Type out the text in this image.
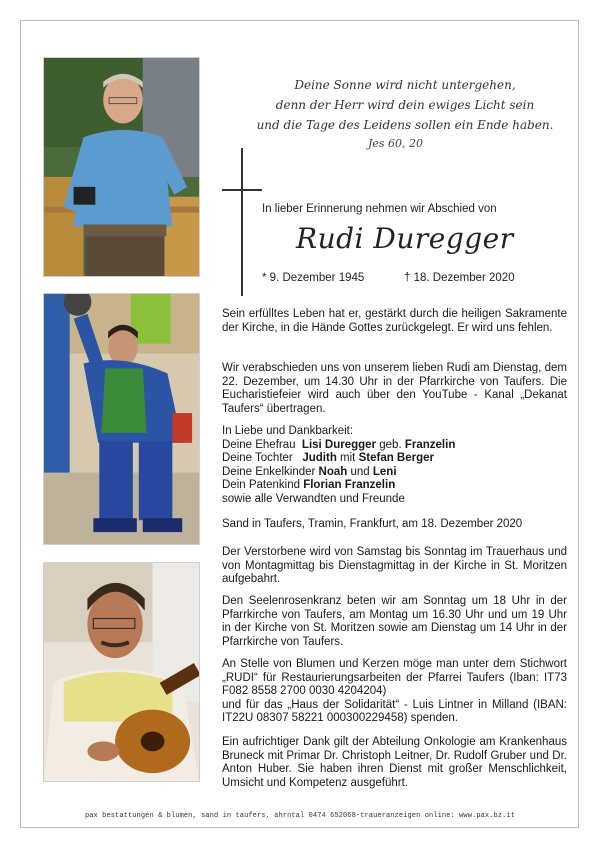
Deine Sonne wird nicht untergehen,
denn der Herr wird dein ewiges Licht sein
und die Tage des Leidens sollen ein Ende haben.
Jes 60, 20
In lieber Erinnerung nehmen wir Abschied von
Rudi Duregger
* 9. Dezember 1945	† 18. Dezember 2020

Sein erfülltes Leben hat er, gestärkt durch die heiligen Sakramente der Kirche, in die Hände Gottes zurückgelegt. Er wird uns fehlen.

Wir verabschieden uns von unserem lieben Rudi am Dienstag, dem 22. Dezember, um 14.30 Uhr in der Pfarrkirche von Taufers. Die Eucharistiefeier wird auch über den YouTube - Kanal „Dekanat Taufers“ übertragen.

In Liebe und Dankbarkeit:

Deine Ehefrau Lisi Duregger geb. Franzelin

Deine Tochter Judith mit Stefan Berger

Deine Enkelkinder Noah und Leni

Dein Patenkind Florian Franzelin

sowie alle Verwandten und Freunde

Sand in Taufers, Tramin, Frankfurt, am 18. Dezember 2020

Der Verstorbene wird von Samstag bis Sonntag im Trauerhaus und von Montagmittag bis Dienstagmittag in der Kirche in St. Moritzen aufgebahrt.

Den Seelenrosenkranz beten wir am Sonntag um 18 Uhr in der Pfarrkirche von Taufers, am Montag um 16.30 Uhr und um 19 Uhr in der Kirche von St. Moritzen sowie am Dienstag um 14 Uhr in der Pfarrkirche von Taufers.

An Stelle von Blumen und Kerzen möge man unter dem Stichwort „RUDI“ für Restaurierungsarbeiten der Pfarrei Taufers (Iban: IT73 F082 8558 2700 0030 4204204)

und für das „Haus der Solidarität“ - Luis Lintner in Milland (IBAN: IT22U 08307 58221 000300229458) spenden.

Ein aufrichtiger Dank gilt der Abteilung Onkologie am Krankenhaus Bruneck mit Primar Dr. Christoph Leitner, Dr. Rudolf Gruber und Dr. Anton Huber. Sie haben ihren Dienst mit großer Menschlichkeit, Umsicht und Kompetenz ausgeführt.

pax bestattungen & blumen, sand in taufers, ahrntal 0474 652068-traueranzeigen online: www.pax.bz.it
